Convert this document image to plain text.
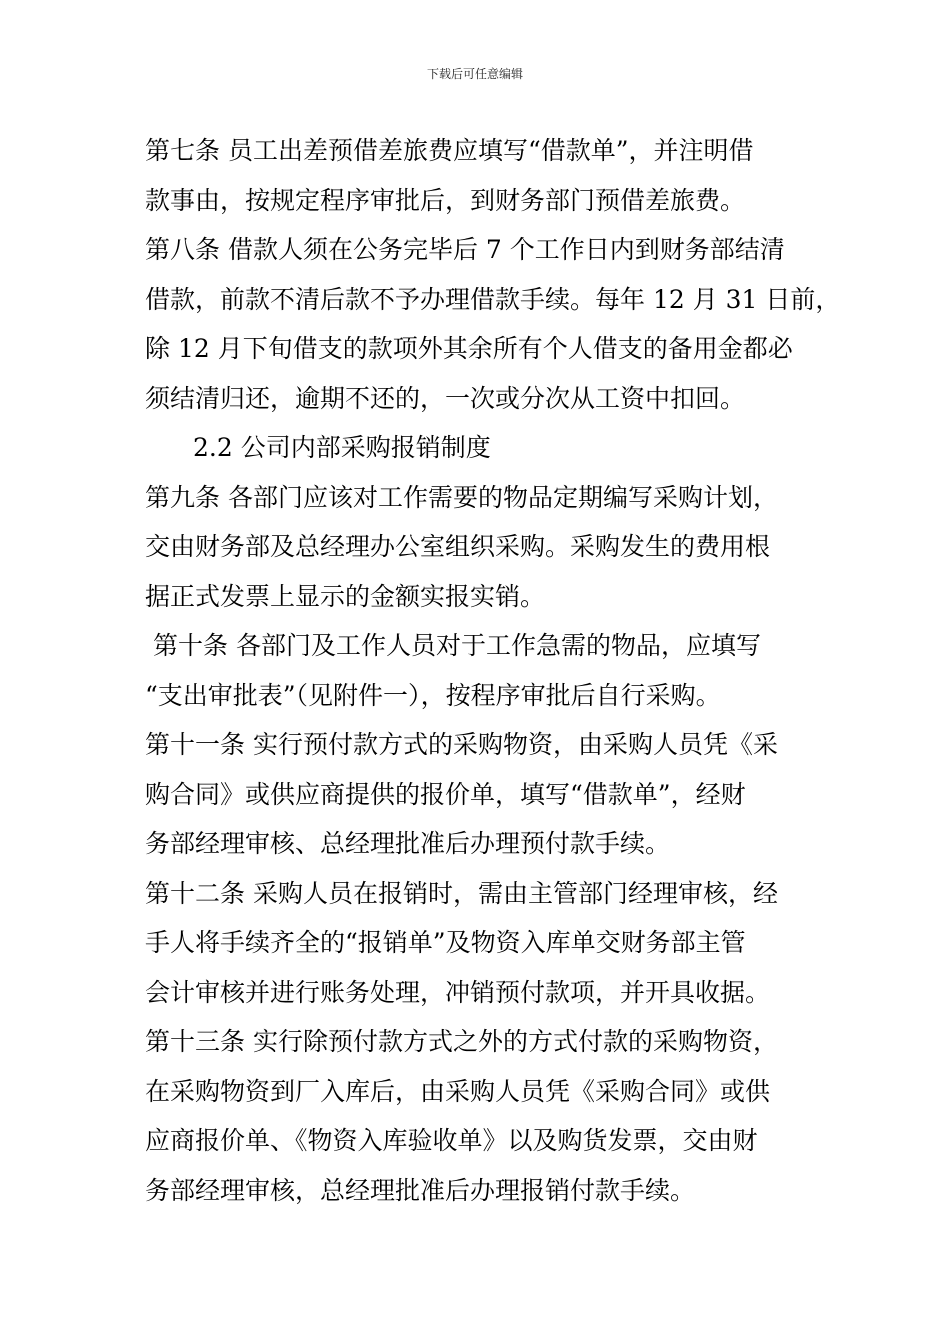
下载后可任意编辑
第七条 员工出差预借差旅费应填写“借款单”，并注明借
款事由，按规定程序审批后，到财务部门预借差旅费。
第八条 借款人须在公务完毕后 7 个工作日内到财务部结清
借款，前款不清后款不予办理借款手续。每年 12 月 31 日前，
除 12 月下旬借支的款项外其余所有个人借支的备用金都必
须结清归还，逾期不还的，一次或分次从工资中扣回。
2.2 公司内部采购报销制度
第九条 各部门应该对工作需要的物品定期编写采购计划，
交由财务部及总经理办公室组织采购。采购发生的费用根
据正式发票上显示的金额实报实销。
第十条 各部门及工作人员对于工作急需的物品，应填写
“支出审批表”（见附件一），按程序审批后自行采购。
第十一条 实行预付款方式的采购物资，由采购人员凭《采
购合同》或供应商提供的报价单，填写“借款单”，经财
务部经理审核、总经理批准后办理预付款手续。
第十二条 采购人员在报销时，需由主管部门经理审核，经
手人将手续齐全的“报销单”及物资入库单交财务部主管
会计审核并进行账务处理，冲销预付款项，并开具收据。
第十三条 实行除预付款方式之外的方式付款的采购物资，
在采购物资到厂入库后，由采购人员凭《采购合同》或供
应商报价单、《物资入库验收单》以及购货发票，交由财
务部经理审核，总经理批准后办理报销付款手续。
